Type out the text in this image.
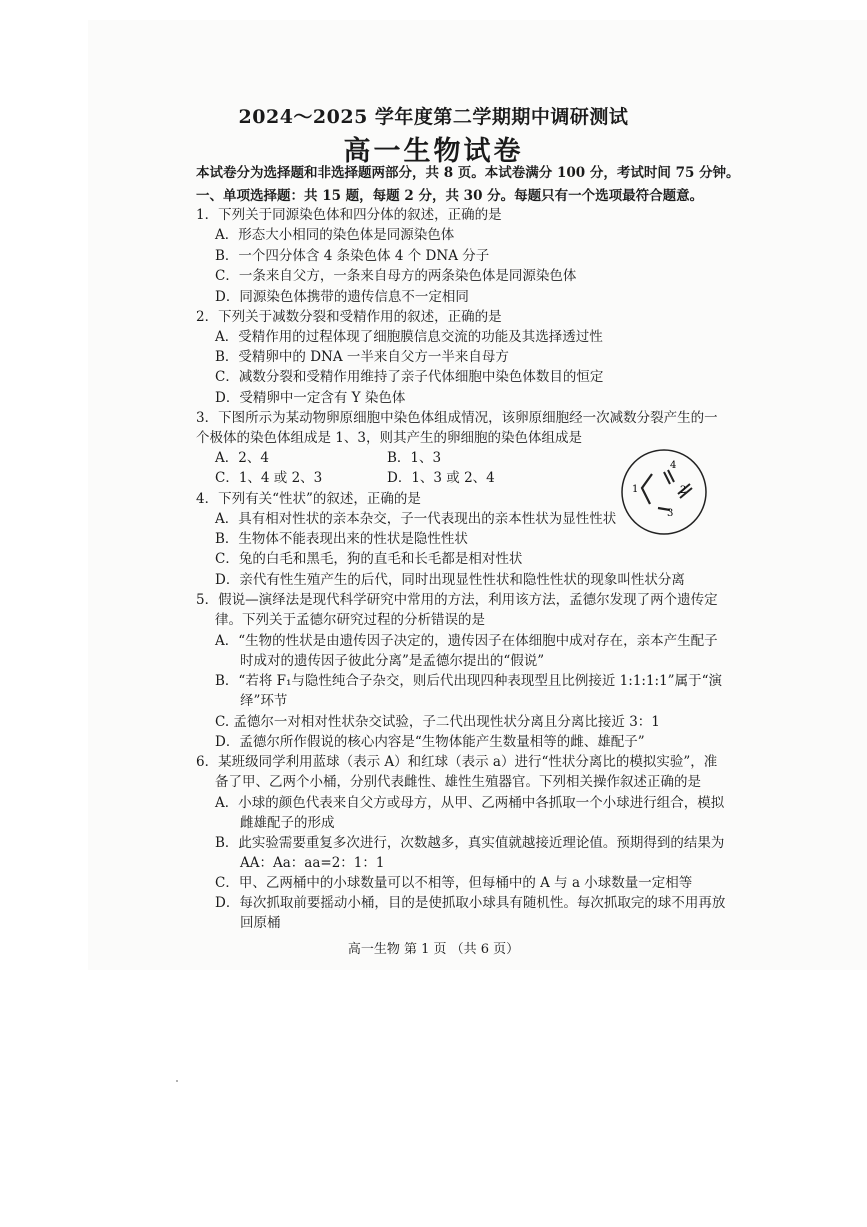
2024～2025 学年度第二学期期中调研测试
高一生物试卷
本试卷分为选择题和非选择题两部分，共 8 页。本试卷满分 100 分，考试时间 75 分钟。
一、单项选择题：共 15 题，每题 2 分，共 30 分。每题只有一个选项最符合题意。
1．下列关于同源染色体和四分体的叙述，正确的是
A．形态大小相同的染色体是同源染色体
B．一个四分体含 4 条染色体 4 个 DNA 分子
C．一条来自父方，一条来自母方的两条染色体是同源染色体
D．同源染色体携带的遗传信息不一定相同
2．下列关于减数分裂和受精作用的叙述，正确的是
A．受精作用的过程体现了细胞膜信息交流的功能及其选择透过性
B．受精卵中的 DNA 一半来自父方一半来自母方
C．减数分裂和受精作用维持了亲子代体细胞中染色体数目的恒定
D．受精卵中一定含有 Y 染色体
3．下图所示为某动物卵原细胞中染色体组成情况，该卵原细胞经一次减数分裂产生的一
个极体的染色体组成是 1、3，则其产生的卵细胞的染色体组成是
A．2、4	B．1、3
C．1、4 或 2、3	D．1、3 或 2、4
1	2
3
4
4．下列有关“性状”的叙述，正确的是
A．具有相对性状的亲本杂交，子一代表现出的亲本性状为显性性状
B．生物体不能表现出来的性状是隐性性状
C．兔的白毛和黑毛，狗的直毛和长毛都是相对性状
D．亲代有性生殖产生的后代，同时出现显性性状和隐性性状的现象叫性状分离
5．假说—演绎法是现代科学研究中常用的方法，利用该方法，孟德尔发现了两个遗传定
律。下列关于孟德尔研究过程的分析错误的是
A．“生物的性状是由遗传因子决定的，遗传因子在体细胞中成对存在，亲本产生配子
时成对的遗传因子彼此分离”是孟德尔提出的“假说”
B．“若将 F₁与隐性纯合子杂交，则后代出现四种表现型且比例接近 1:1:1:1”属于“演
绎”环节
C. 孟德尔一对相对性状杂交试验，子二代出现性状分离且分离比接近 3：1
D．孟德尔所作假说的核心内容是“生物体能产生数量相等的雌、雄配子”
6．某班级同学利用蓝球（表示 A）和红球（表示 a）进行“性状分离比的模拟实验”，准
备了甲、乙两个小桶，分别代表雌性、雄性生殖器官。下列相关操作叙述正确的是
A．小球的颜色代表来自父方或母方，从甲、乙两桶中各抓取一个小球进行组合，模拟
雌雄配子的形成
B．此实验需要重复多次进行，次数越多，真实值就越接近理论值。预期得到的结果为
AA：Aa：aa=2：1：1
C．甲、乙两桶中的小球数量可以不相等，但每桶中的 A 与 a 小球数量一定相等
D．每次抓取前要摇动小桶，目的是使抓取小球具有随机性。每次抓取完的球不用再放
回原桶
高一生物 第 1 页 （共 6 页）
